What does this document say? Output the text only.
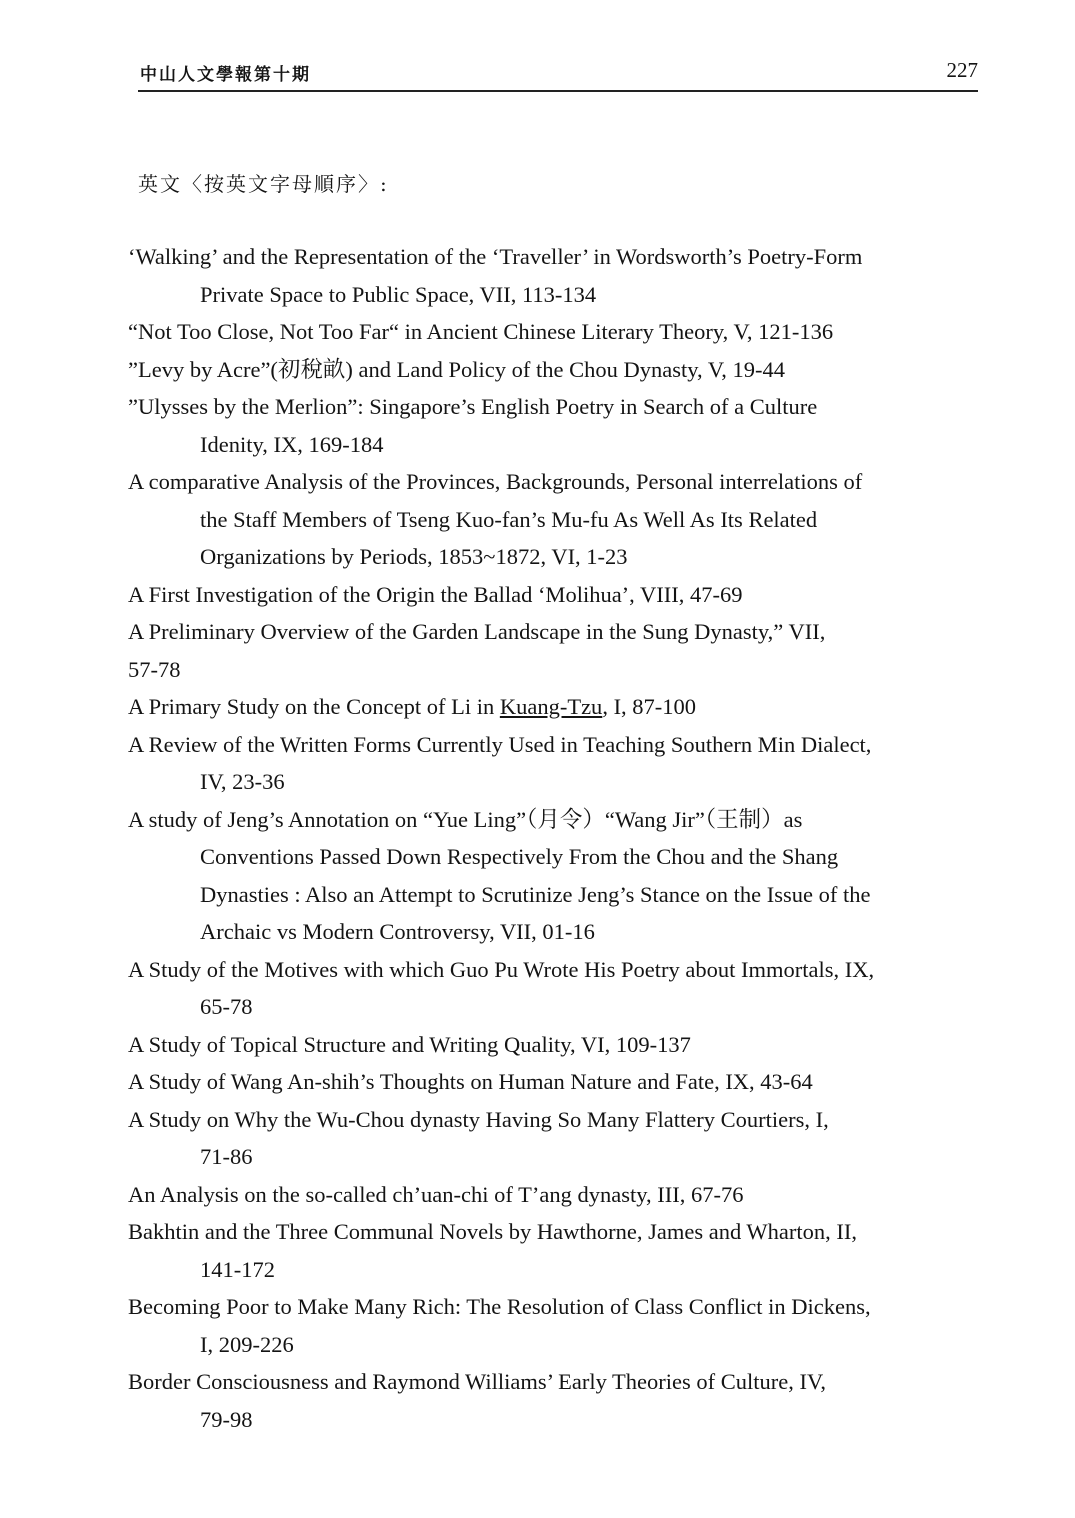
中山人文學報第十期	227
英文〈按英文字母順序〉:
‘Walking’ and the Representation of the ‘Traveller’ in Wordsworth’s Poetry-Form
Private Space to Public Space, VII, 113-134
“Not Too Close, Not Too Far“ in Ancient Chinese Literary Theory, V, 121-136
”Levy by Acre”(初稅畝) and Land Policy of the Chou Dynasty, V, 19-44
”Ulysses by the Merlion”: Singapore’s English Poetry in Search of a Culture
Idenity, IX, 169-184
A comparative Analysis of the Provinces, Backgrounds, Personal interrelations of
the Staff Members of Tseng Kuo-fan’s Mu-fu As Well As Its Related
Organizations by Periods, 1853~1872, VI, 1-23
A First Investigation of the Origin the Ballad ‘Molihua’, VIII, 47-69
A Preliminary Overview of the Garden Landscape in the Sung Dynasty,” VII,
57-78
A Primary Study on the Concept of Li in Kuang-Tzu, I, 87-100
A Review of the Written Forms Currently Used in Teaching Southern Min Dialect,
IV, 23-36
A study of Jeng’s Annotation on “Yue Ling”（月令）“Wang Jir”（王制）as
Conventions Passed Down Respectively From the Chou and the Shang
Dynasties : Also an Attempt to Scrutinize Jeng’s Stance on the Issue of the
Archaic vs Modern Controversy, VII, 01-16
A Study of the Motives with which Guo Pu Wrote His Poetry about Immortals, IX,
65-78
A Study of Topical Structure and Writing Quality, VI, 109-137
A Study of Wang An-shih’s Thoughts on Human Nature and Fate, IX, 43-64
A Study on Why the Wu-Chou dynasty Having So Many Flattery Courtiers, I,
71-86
An Analysis on the so-called ch’uan-chi of T’ang dynasty, III, 67-76
Bakhtin and the Three Communal Novels by Hawthorne, James and Wharton, II,
141-172
Becoming Poor to Make Many Rich: The Resolution of Class Conflict in Dickens,
I, 209-226
Border Consciousness and Raymond Williams’ Early Theories of Culture, IV,
79-98
